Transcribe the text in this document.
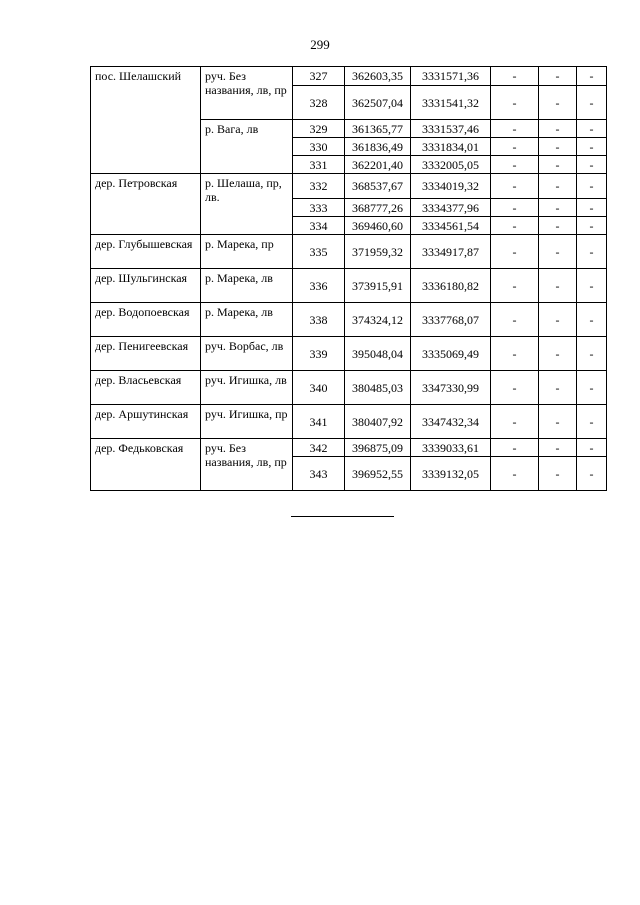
299
пос. Шелашский	руч. Без названия, лв, пр	327	362603,35	3331571,36	-	-	-
		328	362507,04	3331541,32	-	-	-
	р. Вага, лв	329	361365,77	3331537,46	-	-	-
		330	361836,49	3331834,01	-	-	-
		331	362201,40	3332005,05	-	-	-
дер. Петровская	р. Шелаша, пр, лв.	332	368537,67	3334019,32	-	-	-
		333	368777,26	3334377,96	-	-	-
		334	369460,60	3334561,54	-	-	-
дер. Глубышевская	р. Марека, пр	335	371959,32	3334917,87	-	-	-
дер. Шульгинская	р. Марека, лв	336	373915,91	3336180,82	-	-	-
дер. Водопоевская	р. Марека, лв	338	374324,12	3337768,07	-	-	-
дер. Пенигеевская	руч. Ворбас, лв	339	395048,04	3335069,49	-	-	-
дер. Власьевская	руч. Игишка, лв	340	380485,03	3347330,99	-	-	-
дер. Аршутинская	руч. Игишка, пр	341	380407,92	3347432,34	-	-	-
дер. Федьковская	руч. Без названия, лв, пр	342	396875,09	3339033,61	-	-	-
		343	396952,55	3339132,05	-	-	-
